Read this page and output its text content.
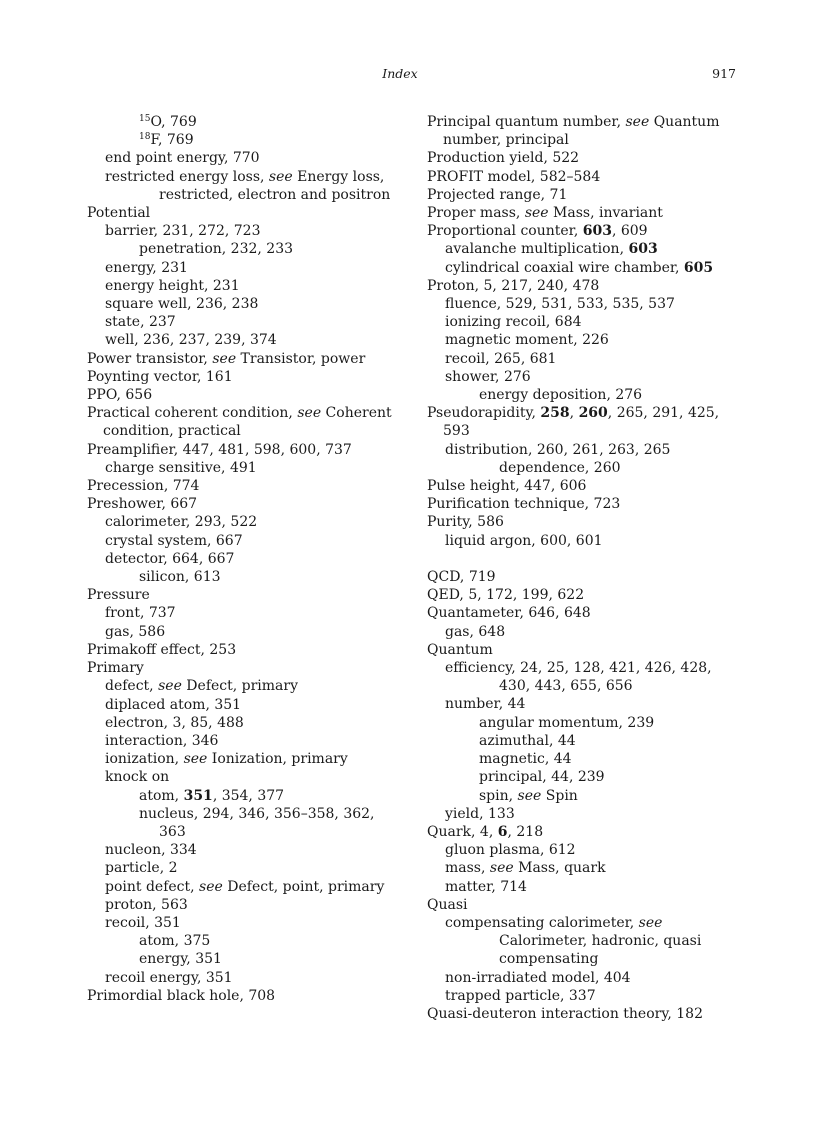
Index	917
$^{15}$O, 769
$^{18}$F, 769
end point energy, 770
restricted energy loss, see Energy loss,
restricted, electron and positron
Potential
barrier, 231, 272, 723
penetration, 232, 233
energy, 231
energy height, 231
square well, 236, 238
state, 237
well, 236, 237, 239, 374
Power transistor, see Transistor, power
Poynting vector, 161
PPO, 656
Practical coherent condition, see Coherent
condition, practical
Preamplifier, 447, 481, 598, 600, 737
charge sensitive, 491
Precession, 774
Preshower, 667
calorimeter, 293, 522
crystal system, 667
detector, 664, 667
silicon, 613
Pressure
front, 737
gas, 586
Primakoff effect, 253
Primary
defect, see Defect, primary
diplaced atom, 351
electron, 3, 85, 488
interaction, 346
ionization, see Ionization, primary
knock on
atom, 351, 354, 377
nucleus, 294, 346, 356–358, 362,
363
nucleon, 334
particle, 2
point defect, see Defect, point, primary
proton, 563
recoil, 351
atom, 375
energy, 351
recoil energy, 351
Primordial black hole, 708
Principal quantum number, see Quantum
number, principal
Production yield, 522
PROFIT model, 582–584
Projected range, 71
Proper mass, see Mass, invariant
Proportional counter, 603, 609
avalanche multiplication, 603
cylindrical coaxial wire chamber, 605
Proton, 5, 217, 240, 478
fluence, 529, 531, 533, 535, 537
ionizing recoil, 684
magnetic moment, 226
recoil, 265, 681
shower, 276
energy deposition, 276
Pseudorapidity, 258, 260, 265, 291, 425,
593
distribution, 260, 261, 263, 265
dependence, 260
Pulse height, 447, 606
Purification technique, 723
Purity, 586
liquid argon, 600, 601
QCD, 719
QED, 5, 172, 199, 622
Quantameter, 646, 648
gas, 648
Quantum
efficiency, 24, 25, 128, 421, 426, 428,
430, 443, 655, 656
number, 44
angular momentum, 239
azimuthal, 44
magnetic, 44
principal, 44, 239
spin, see Spin
yield, 133
Quark, 4, 6, 218
gluon plasma, 612
mass, see Mass, quark
matter, 714
Quasi
compensating calorimeter, see
Calorimeter, hadronic, quasi
compensating
non-irradiated model, 404
trapped particle, 337
Quasi-deuteron interaction theory, 182
